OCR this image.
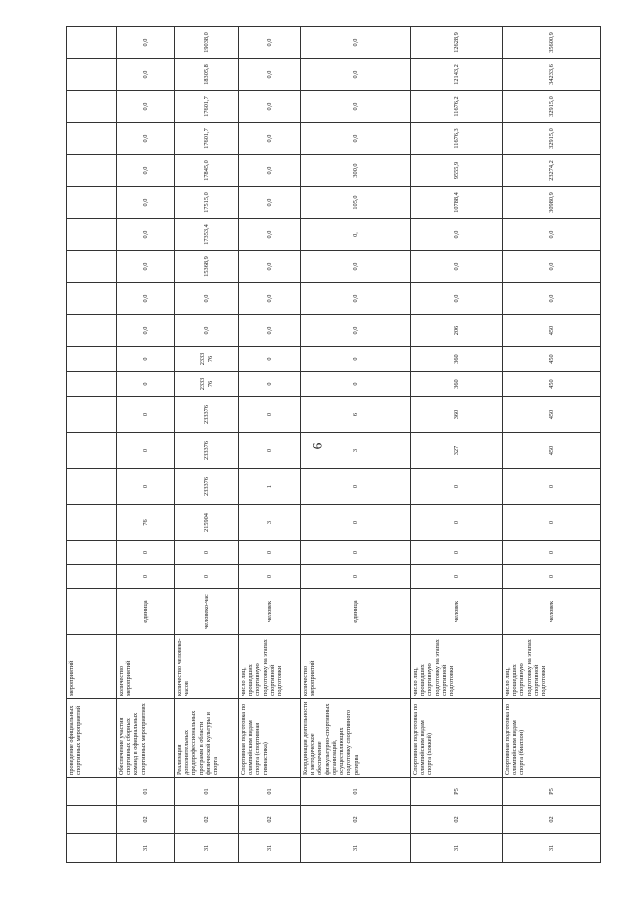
6
			проведение официальных спортивных мероприятий	мероприятий																			
31	02	01	Обеспечение участия спортивных сборных команд в официальных спортивных мероприятиях	количество мероприятий	единица	0	0	76	0	0	0	0	0	0,0	0,0	0,0	0,0	0,0	0,0	0,0	0,0	0,0	0,0
31	02	01	Реализация дополнительных предпрофессиональных программ в области физической культуры и спорта	количество человеко-часов	человеко-час	0	0	215904	233376	233376	233376	2333 76	2333 76	0,0	0,0	15368,9	17353,4	17515,0	17845,0	17601,7	17601,7	18305,8	19038,0
31	02	01	Спортивная подготовка по олимпийским видам спорта (спортивная гимнастика)	число лиц, прошедших спортивную подготовку на этапах спортивной подготовки	человек	0	0	3	1	0	0	0	0	0,0	0,0	0,0	0,0	0,0	0,0	0,0	0,0	0,0	0,0
31	02	01	Координация деятельности и методическое обеспечение физкультурно-спортивных организаций, осуществляющих подготовку спортивного резерва	количество мероприятий	единица	0	0	0	0	3	6	0	0	0,0	0,0	0,0	0,	105,0	300,0	0,0	0,0	0,0	0,0
31	02	P5	Спортивная подготовка по олимпийским видам спорта (хоккей)	число лиц, прошедших спортивную подготовку на этапах спортивной подготовки	человек	0	0	0	0	327	360	360	360	206	0,0	0,0	0,0	10788,4	9555,9	11676,3	11676,2	12143,2	12628,9
31	02	P5	Спортивная подготовка по олимпийским видам спорта (биатлон)	число лиц, прошедших спортивную подготовку на этапах спортивной подготовки	человек	0	0	0	0	450	450	450	450	450	0,0	0,0	0,0	30980,9	23274,2	32915,0	32915,0	34233,6	35600,9
